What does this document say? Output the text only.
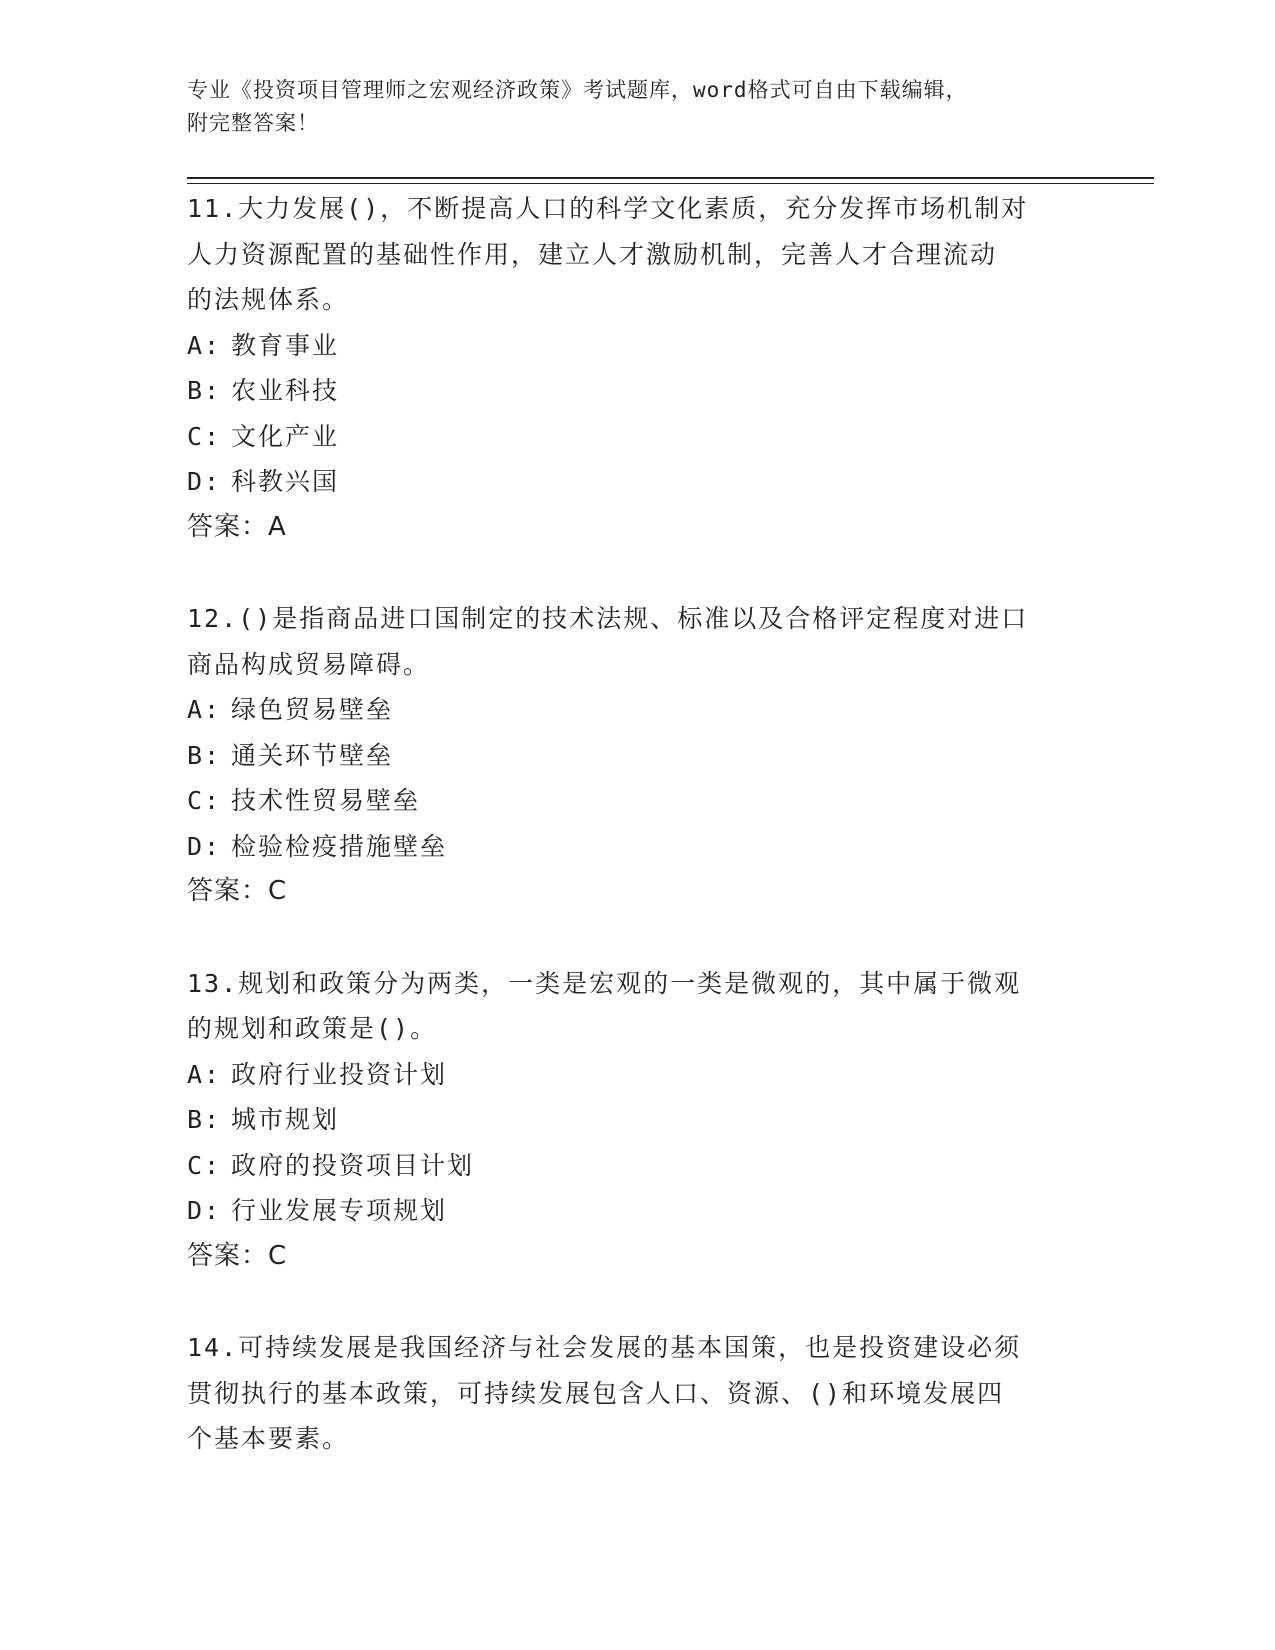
专业《投资项目管理师之宏观经济政策》考试题库，word格式可自由下载编辑，
附完整答案！
11.大力发展()，不断提高人口的科学文化素质，充分发挥市场机制对
人力资源配置的基础性作用，建立人才激励机制，完善人才合理流动
的法规体系。
A: 教育事业
B: 农业科技
C: 文化产业
D: 科教兴国
答案：A
12.()是指商品进口国制定的技术法规、标准以及合格评定程度对进口
商品构成贸易障碍。
A: 绿色贸易壁垒
B: 通关环节壁垒
C: 技术性贸易壁垒
D: 检验检疫措施壁垒
答案：C
13.规划和政策分为两类，一类是宏观的一类是微观的，其中属于微观
的规划和政策是()。
A: 政府行业投资计划
B: 城市规划
C: 政府的投资项目计划
D: 行业发展专项规划
答案：C
14.可持续发展是我国经济与社会发展的基本国策，也是投资建设必须
贯彻执行的基本政策，可持续发展包含人口、资源、()和环境发展四
个基本要素。
